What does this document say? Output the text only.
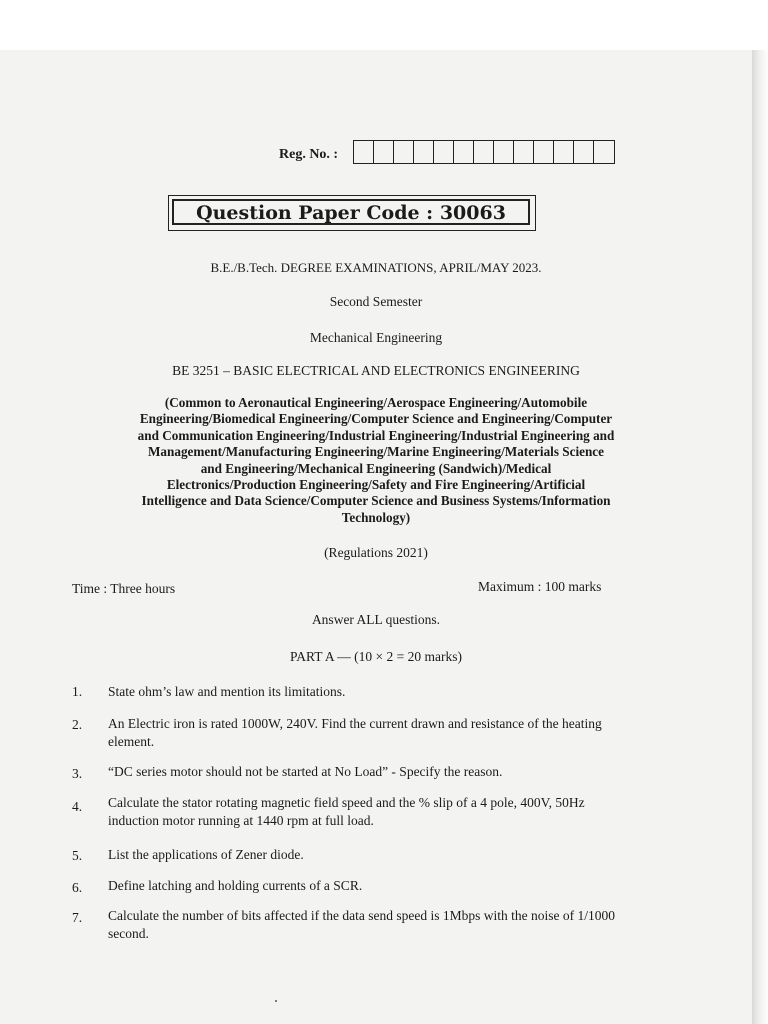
Reg. No. :
Question Paper Code : 30063
B.E./B.Tech. DEGREE EXAMINATIONS, APRIL/MAY 2023.
Second Semester
Mechanical Engineering
BE 3251 – BASIC ELECTRICAL AND ELECTRONICS ENGINEERING
(Common to Aeronautical Engineering/Aerospace Engineering/Automobile
Engineering/Biomedical Engineering/Computer Science and Engineering/Computer
and Communication Engineering/Industrial Engineering/Industrial Engineering and
Management/Manufacturing Engineering/Marine Engineering/Materials Science
and Engineering/Mechanical Engineering (Sandwich)/Medical
Electronics/Production Engineering/Safety and Fire Engineering/Artificial
Intelligence and Data Science/Computer Science and Business Systems/Information
Technology)
(Regulations 2021)
Time : Three hours	Maximum : 100 marks
Answer ALL questions.
PART A — (10 × 2 = 20 marks)
1. State ohm’s law and mention its limitations.
2. An Electric iron is rated 1000W, 240V. Find the current drawn and resistance of the heating element.
3. “DC series motor should not be started at No Load” - Specify the reason.
4. Calculate the stator rotating magnetic field speed and the % slip of a 4 pole, 400V, 50Hz induction motor running at 1440 rpm at full load.
5. List the applications of Zener diode.
6. Define latching and holding currents of a SCR.
7. Calculate the number of bits affected if the data send speed is 1Mbps with the noise of 1/1000 second.
